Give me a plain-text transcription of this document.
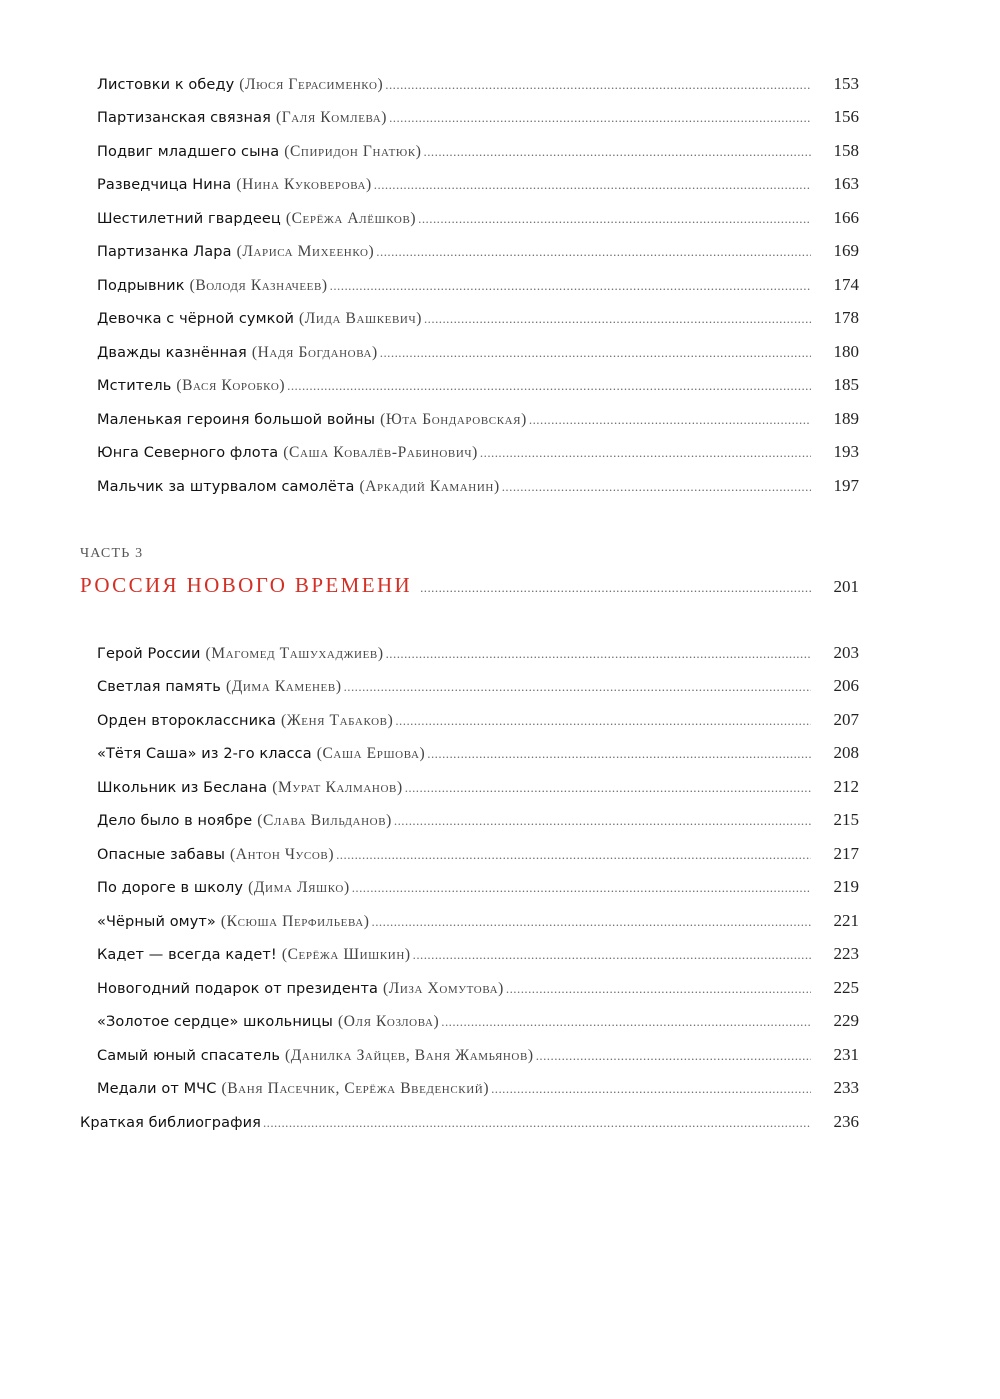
Листовки к обеду (Люся Герасименко) . . .	153
Партизанская связная (Галя Комлева) . . .	156
Подвиг младшего сына (Спиридон Гнатюк) . . .	158
Разведчица Нина (Нина Куковерова) . . .	163
Шестилетний гвардеец (Серёжа Алёшков) . . .	166
Партизанка Лара (Лариса Михеенко) . . .	169
Подрывник (Володя Казначеев) . . .	174
Девочка с чёрной сумкой (Лида Вашкевич) . . .	178
Дважды казнённая (Надя Богданова) . . .	180
Мститель (Вася Коробко) . . .	185
Маленькая героиня большой войны (Юта Бондаровская) . . .	189
Юнга Северного флота (Саша Ковалёв-Рабинович) . . .	193
Мальчик за штурвалом самолёта (Аркадий Каманин) . . .	197
ЧАСТЬ 3
РОССИЯ НОВОГО ВРЕМЕНИ . . .	201
Герой России (Магомед Ташухаджиев) . . .	203
Светлая память (Дима Каменев) . . .	206
Орден второклассника (Женя Табаков) . . .	207
«Тётя Саша» из 2-го класса (Саша Ершова) . . .	208
Школьник из Беслана (Мурат Калманов) . . .	212
Дело было в ноябре (Слава Вильданов) . . .	215
Опасные забавы (Антон Чусов) . . .	217
По дороге в школу (Дима Ляшко) . . .	219
«Чёрный омут» (Ксюша Перфильева) . . .	221
Кадет — всегда кадет! (Серёжа Шишкин) . . .	223
Новогодний подарок от президента (Лиза Хомутова) . . .	225
«Золотое сердце» школьницы (Оля Козлова) . . .	229
Самый юный спасатель (Данилка Зайцев, Ваня Жамьянов) . . .	231
Медали от МЧС (Ваня Пасечник, Серёжа Введенский) . . .	233
Краткая библиография . . .	236
